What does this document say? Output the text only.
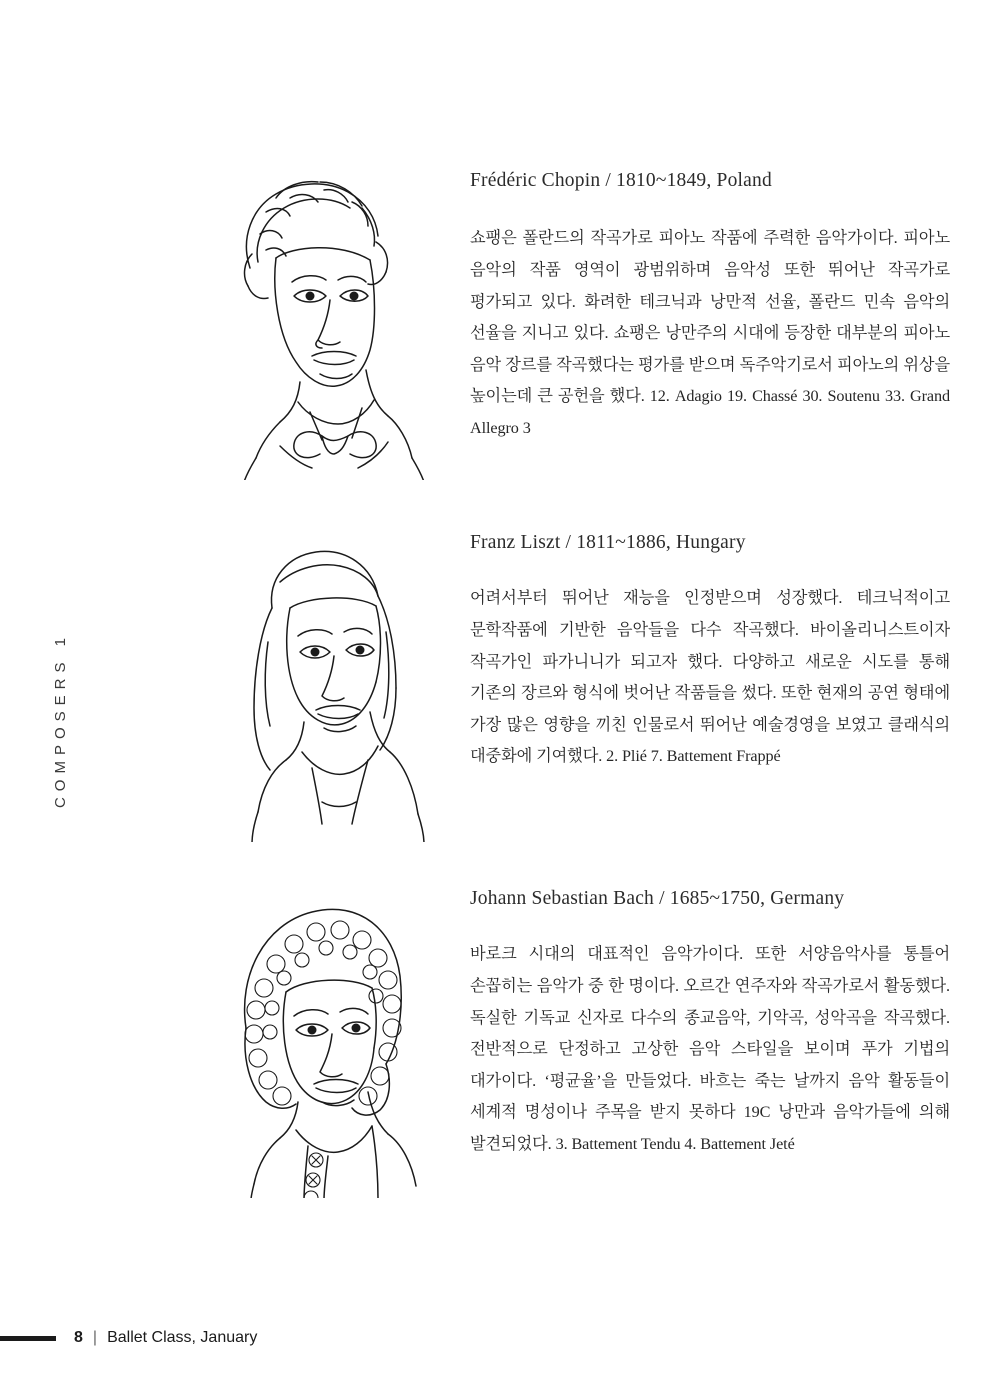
COMPOSERS 1
Frédéric Chopin / 1810~1849, Poland
쇼팽은 폴란드의 작곡가로 피아노 작품에 주력한 음악가이다. 피아노 음악의 작품 영역이 광범위하며 음악성 또한 뛰어난 작곡가로 평가되고 있다. 화려한 테크닉과 낭만적 선율, 폴란드 민속 음악의 선율을 지니고 있다. 쇼팽은 낭만주의 시대에 등장한 대부분의 피아노 음악 장르를 작곡했다는 평가를 받으며 독주악기로서 피아노의 위상을 높이는데 큰 공헌을 했다. 12. Adagio 19. Chassé 30. Soutenu 33. Grand Allegro 3
Franz Liszt / 1811~1886, Hungary
어려서부터 뛰어난 재능을 인정받으며 성장했다. 테크닉적이고 문학작품에 기반한 음악들을 다수 작곡했다. 바이올리니스트이자 작곡가인 파가니니가 되고자 했다. 다양하고 새로운 시도를 통해 기존의 장르와 형식에 벗어난 작품들을 썼다. 또한 현재의 공연 형태에 가장 많은 영향을 끼친 인물로서 뛰어난 예술경영을 보였고 클래식의 대중화에 기여했다. 2. Plié 7. Battement Frappé
Johann Sebastian Bach / 1685~1750, Germany
바로크 시대의 대표적인 음악가이다. 또한 서양음악사를 통틀어 손꼽히는 음악가 중 한 명이다. 오르간 연주자와 작곡가로서 활동했다. 독실한 기독교 신자로 다수의 종교음악, 기악곡, 성악곡을 작곡했다. 전반적으로 단정하고 고상한 음악 스타일을 보이며 푸가 기법의 대가이다. ‘평균율’을 만들었다. 바흐는 죽는 날까지 음악 활동들이 세계적 명성이나 주목을 받지 못하다 19C 낭만과 음악가들에 의해 발견되었다. 3. Battement Tendu 4. Battement Jeté
8 | Ballet Class, January
